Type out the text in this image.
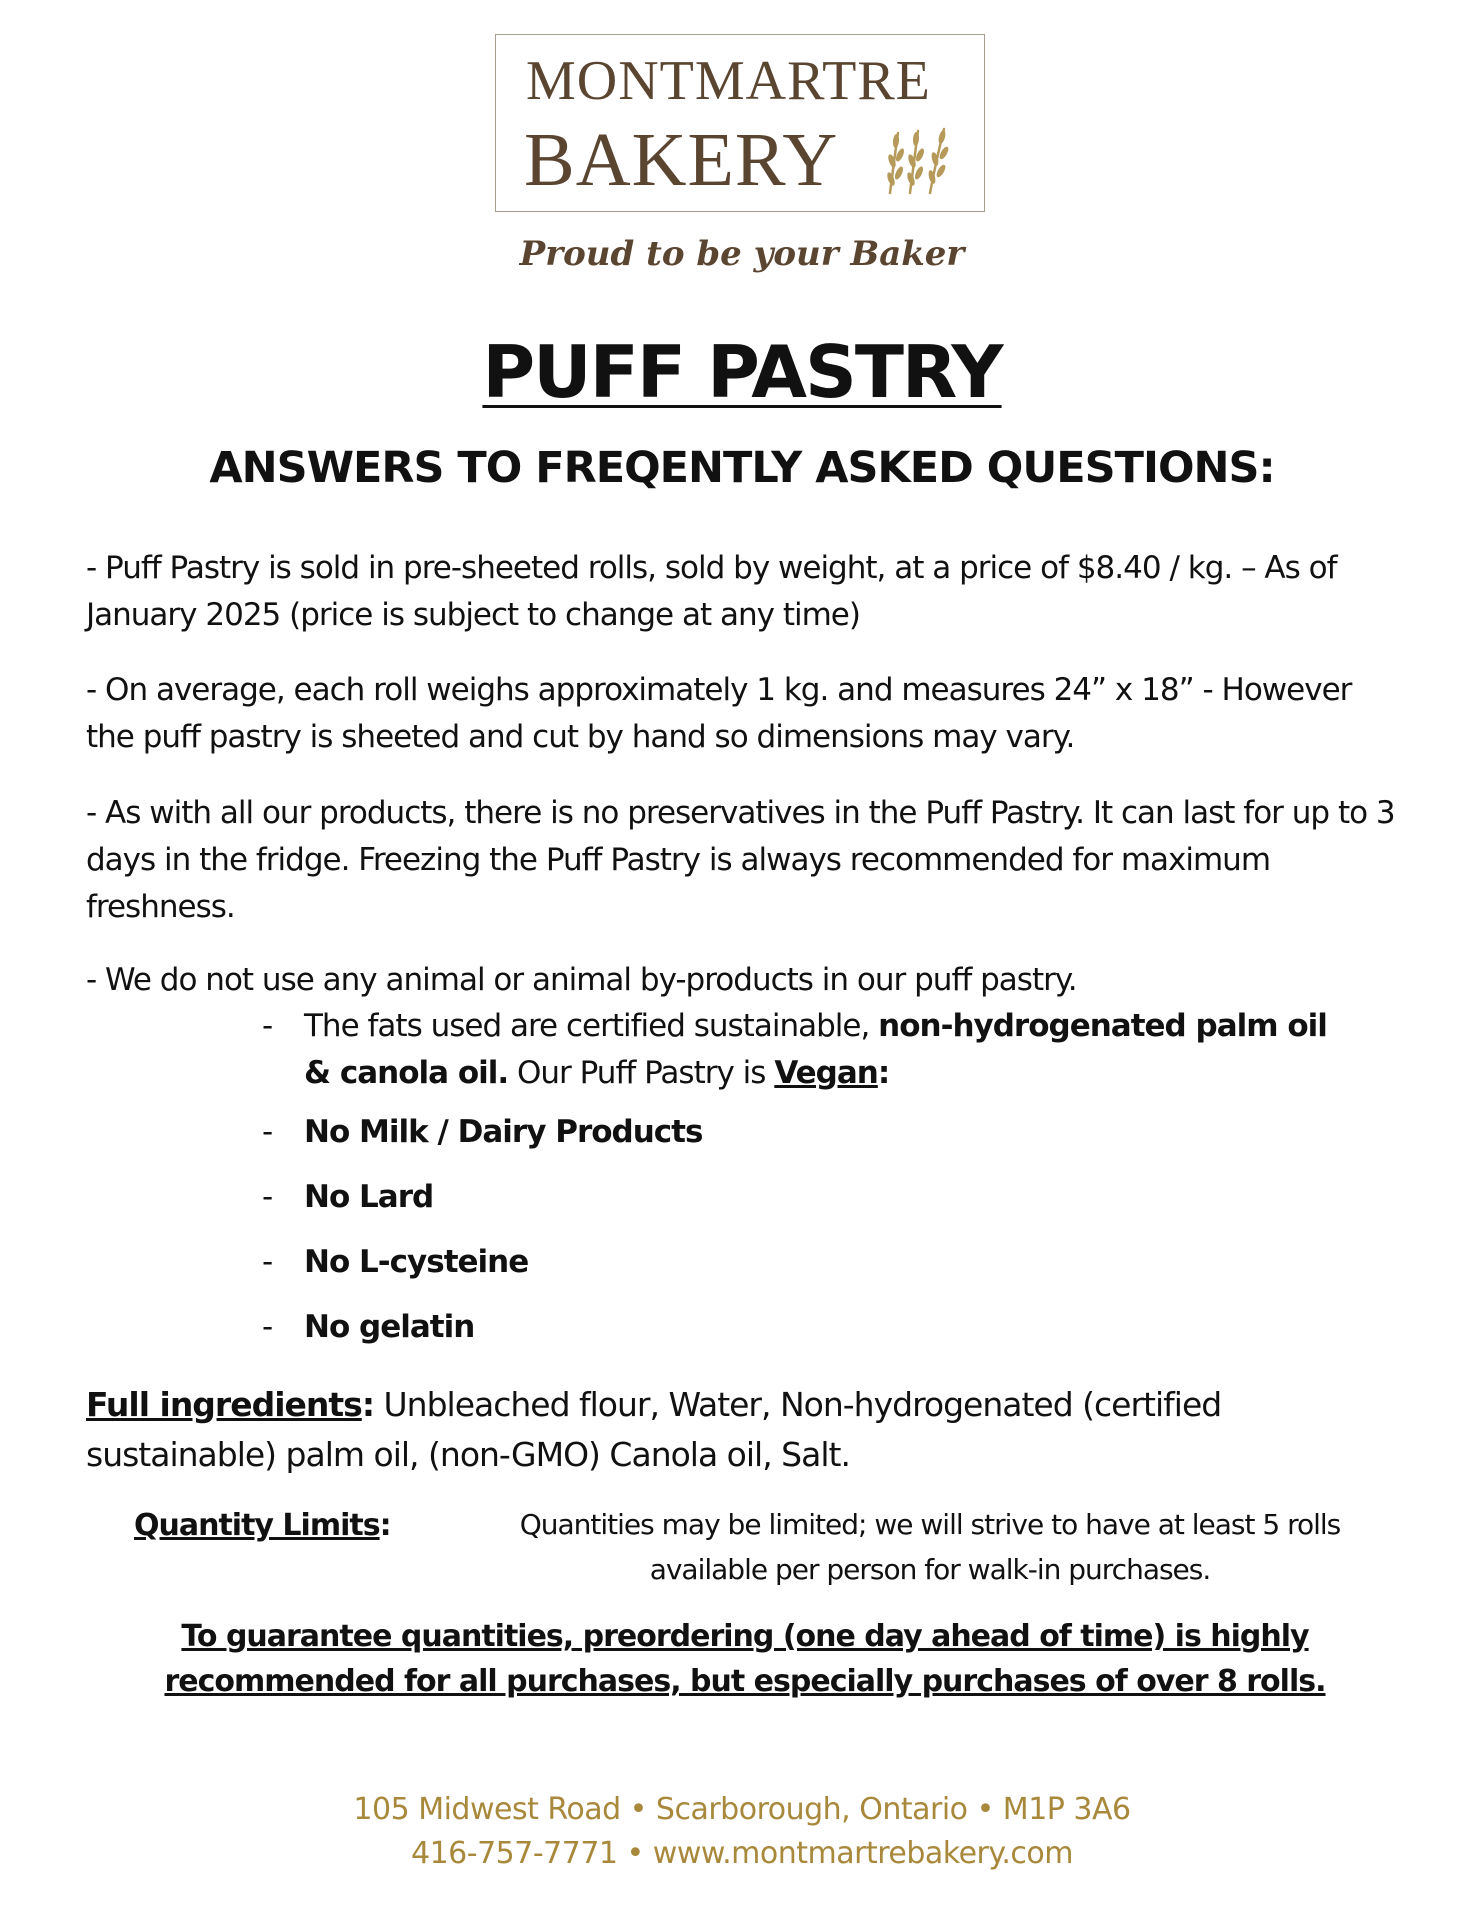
MONTMARTRE
BAKERY
Proud to be your Baker
PUFF PASTRY
ANSWERS TO FREQENTLY ASKED QUESTIONS:
- Puff Pastry is sold in pre-sheeted rolls, sold by weight, at a price of $8.40 / kg. – As of January 2025 (price is subject to change at any time)
- On average, each roll weighs approximately 1 kg. and measures 24” x 18” - However the puff pastry is sheeted and cut by hand so dimensions may vary.
- As with all our products, there is no preservatives in the Puff Pastry. It can last for up to 3 days in the fridge. Freezing the Puff Pastry is always recommended for maximum freshness.
- We do not use any animal or animal by-products in our puff pastry.
- The fats used are certified sustainable, non-hydrogenated palm oil & canola oil. Our Puff Pastry is Vegan:
- No Milk / Dairy Products
- No Lard
- No L-cysteine
- No gelatin
Full ingredients: Unbleached flour, Water, Non-hydrogenated (certified sustainable) palm oil, (non-GMO) Canola oil, Salt.
Quantity Limits:	Quantities may be limited; we will strive to have at least 5 rolls available per person for walk-in purchases.
To guarantee quantities, preordering (one day ahead of time) is highly recommended for all purchases, but especially purchases of over 8 rolls.
105 Midwest Road • Scarborough, Ontario • M1P 3A6
416-757-7771 • www.montmartrebakery.com
